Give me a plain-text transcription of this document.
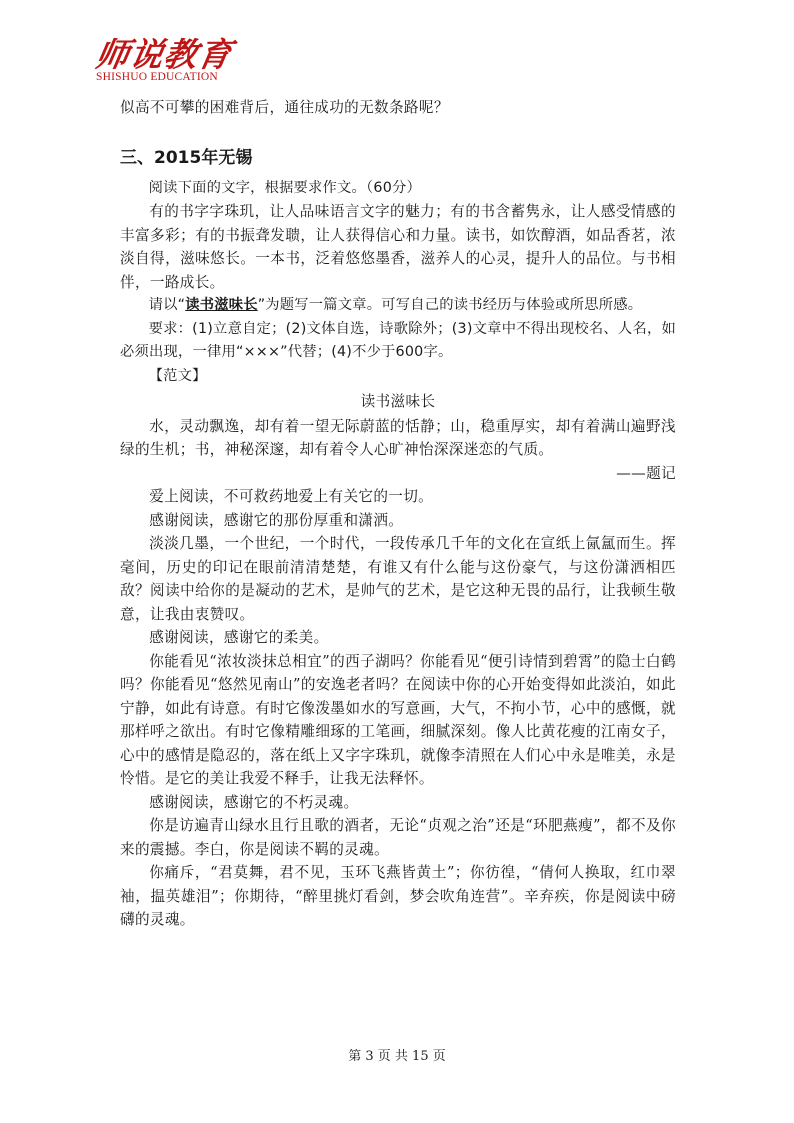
师说教育
SHISHUO EDUCATION

似高不可攀的困难背后，通往成功的无数条路呢？

三、2015年无锡

阅读下面的文字，根据要求作文。（60分）

有的书字字珠玑，让人品味语言文字的魅力；有的书含蓄隽永，让人感受情感的丰富多彩；有的书振聋发聩，让人获得信心和力量。读书，如饮醇酒，如品香茗，浓淡自得，滋味悠长。一本书，泛着悠悠墨香，滋养人的心灵，提升人的品位。与书相伴，一路成长。

请以“读书滋味长”为题写一篇文章。可写自己的读书经历与体验或所思所感。

要求：(1)立意自定；(2)文体自选，诗歌除外；(3)文章中不得出现校名、人名，如必须出现，一律用“×××”代替；(4)不少于600字。

【范文】

读书滋味长

水，灵动飘逸，却有着一望无际蔚蓝的恬静；山，稳重厚实，却有着满山遍野浅绿的生机；书，神秘深邃，却有着令人心旷神怡深深迷恋的气质。

——题记

爱上阅读，不可救药地爱上有关它的一切。

感谢阅读，感谢它的那份厚重和潇洒。

淡淡几墨，一个世纪，一个时代，一段传承几千年的文化在宣纸上氤氲而生。挥毫间，历史的印记在眼前清清楚楚，有谁又有什么能与这份豪气，与这份潇洒相匹敌？阅读中给你的是凝动的艺术，是帅气的艺术，是它这种无畏的品行，让我顿生敬意，让我由衷赞叹。

感谢阅读，感谢它的柔美。

你能看见“浓妆淡抹总相宜”的西子湖吗？你能看见“便引诗情到碧霄”的隐士白鹤吗？你能看见“悠然见南山”的安逸老者吗？在阅读中你的心开始变得如此淡泊，如此宁静，如此有诗意。有时它像泼墨如水的写意画，大气，不拘小节，心中的感慨，就那样呼之欲出。有时它像精雕细琢的工笔画，细腻深刻。像人比黄花瘦的江南女子，心中的感情是隐忍的，落在纸上又字字珠玑，就像李清照在人们心中永是唯美，永是怜惜。是它的美让我爱不释手，让我无法释怀。

感谢阅读，感谢它的不朽灵魂。

你是访遍青山绿水且行且歌的酒者，无论“贞观之治”还是“环肥燕瘦”，都不及你来的震撼。李白，你是阅读不羁的灵魂。

你痛斥，“君莫舞，君不见，玉环飞燕皆黄土”；你彷徨，“倩何人换取，红巾翠袖，揾英雄泪”；你期待，“醉里挑灯看剑，梦会吹角连营”。辛弃疾，你是阅读中磅礴的灵魂。

第 3 页 共 15 页
